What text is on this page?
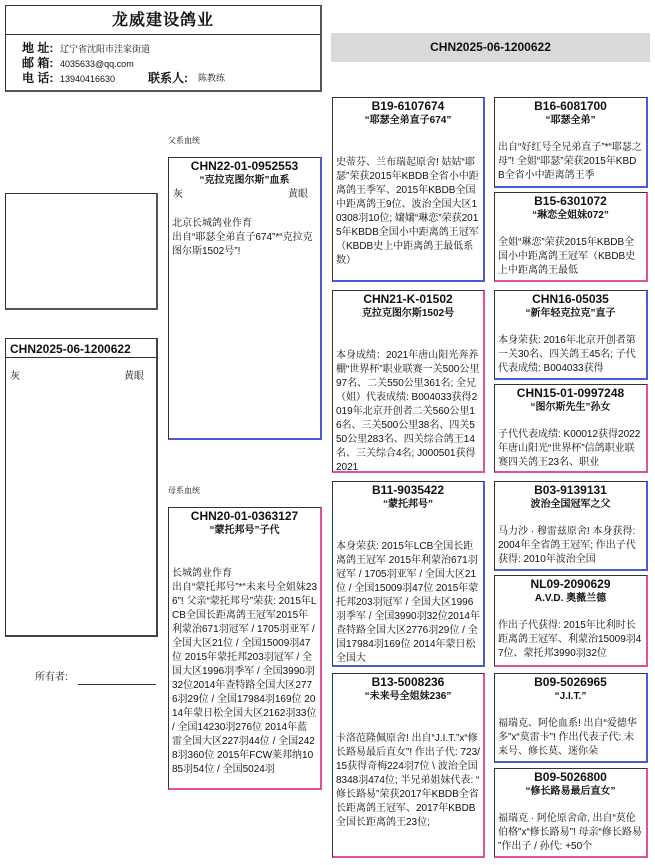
龙威建设鸽业
地 址: 辽宁省沈阳市洼家街道
邮 箱: 4035633@qq.com
电 话: 13940416630	联系人: 陈教练
CHN2025-06-1200622
CHN2025-06-1200622
灰	黄眼
所有者:
父系血统
CHN22-01-0952553
“克拉克图尔斯”血系
灰	黄眼
北京长城鸽业作育
出自“耶瑟全弟直子674”*“克拉克图尔斯1502号”!
母系血统
CHN20-01-0363127
“蒙托邦号”子代
长城鸽业作育
出自“蒙托邦号”*“未来号全姐妹236”! 父亲“蒙托邦号”荣获: 2015年LCB全国长距离鸽王冠军2015年利蒙治671羽冠军 / 1705羽亚军 / 全国大区21位 / 全国15009羽47位 2015年蒙托邦203羽冠军 / 全国大区1996羽季军 / 全国3990羽32位2014年查特路全国大区2776羽29位 / 全国17984羽169位 2014年蒙日松全国大区2162羽33位 / 全国14230羽276位 2014年蓝雷全国大区227羽44位 / 全国2428羽360位 2015年FCW莱邦纳1085羽54位 / 全国5024羽
B19-6107674
“耶瑟全弟直子674”
史蒂芬、兰布瑞起原舍! 姑姑“耶瑟”荣获2015年KBDB全省小中距离鸽王季军、2015年KBDB全国中距离鸽王9位、波治全国大区10308羽10位; 嬢嬢“琳恋”荣获2015年KBDB全国小中距离鸽王冠军（KBDB史上中距离鸽王最低系数）
CHN21-K-01502
克拉克图尔斯1502号
本身成绩：2021年唐山阳光奔养棚“世界杯”职业联赛一关500公里97名、二关550公里361名; 全兄（姐）代表成绩: B004033获得2019年北京开创者二关560公里16名、三关500公里38名、四关550公里283名、四关综合鸽王14名、三关综合4名; J000501获得2021
B11-9035422
“蒙托邦号”
本身荣获: 2015年LCB全国长距离鸽王冠军 2015年利蒙治671羽冠军 / 1705羽亚军 / 全国大区21位 / 全国15009羽47位 2015年蒙托邦203羽冠军 / 全国大区1996羽季军 / 全国3990羽32位2014年查特路全国大区2776羽29位 / 全国17984羽169位 2014年蒙日松全国大
B13-5008236
“未来号全姐妹236”
卡洛范隆佩原舍! 出自“J.I.T.”x“修长路易最后直女”! 作出子代: 723/15获得奇梅224羽7位 \ 波治全国8348羽474位; 半兄弟姐妹代表: “修长路易”荣获2017年KBDB全省长距离鸽王冠军、2017年KBDB 全国长距离鸽王23位;
B16-6081700
“耶瑟全弟”
出自“好红号全兄弟直子”*“耶瑟之母”! 全姐“耶瑟”荣获2015年KBDB全省小中距离鸽王季
B15-6301072
“琳恋全姐妹072”
全姐“琳恋”荣获2015年KBDB全国小中距离鸽王冠军（KBDB史上中距离鸽王最低
CHN16-05035
“新年轻克拉克”直子
本身荣获: 2016年北京开创者第一关30名、四关鸽王45名; 子代代表成绩: B004033获得
CHN15-01-0997248
“图尔斯先生”孙女
子代代表成绩: K00012获得2022年唐山阳光“世界杯”信鸽职业联赛四关鸽王23名、职业
B03-9139131
波治全国冠军之父
马力沙 · 穆雷兹原舍! 本身获得: 2004年全省鸽王冠军; 作出子代获得: 2010年波治全国
NL09-2090629
A.V.D. 奥薇兰德
作出子代获得: 2015年比利时长距离鸽王冠军、利蒙治15009羽47位、蒙托邦3990羽32位
B09-5026965
“J.I.T.”
福瑞克、阿伦血系! 出自“爱德华多”x“莫雷卡”! 作出代表子代: 未来号、修长莫、迷你朵
B09-5026800
“修长路易最后直女”
福瑞克 · 阿伦原舍命, 出自“莫伦伯格”x“修长路易”! 母亲“修长路易”作出子 / 孙代: +50个
